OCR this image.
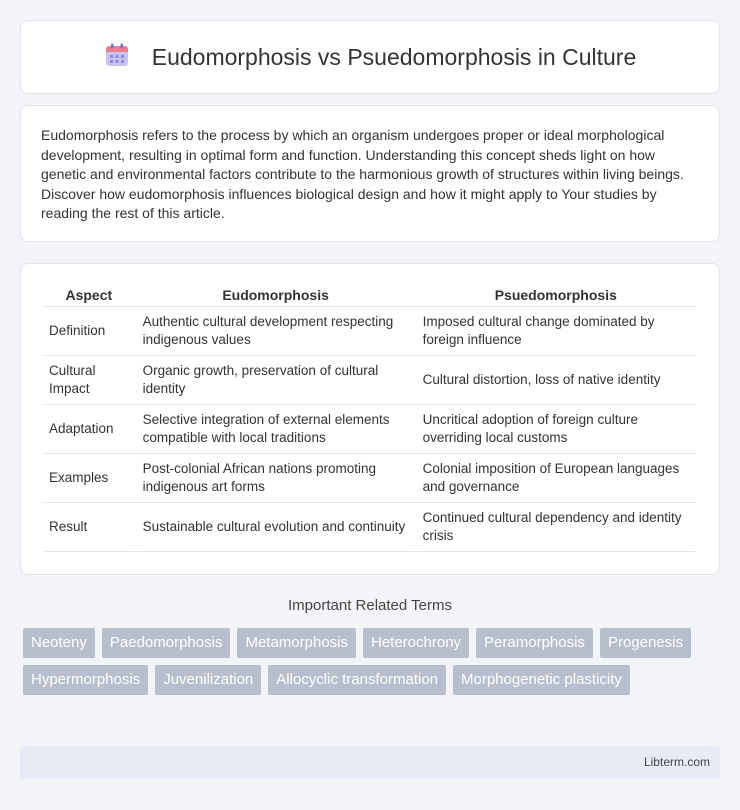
Eudomorphosis vs Psuedomorphosis in Culture

Eudomorphosis refers to the process by which an organism undergoes proper or ideal morphological development, resulting in optimal form and function. Understanding this concept sheds light on how genetic and environmental factors contribute to the harmonious growth of structures within living beings. Discover how eudomorphosis influences biological design and how it might apply to Your studies by reading the rest of this article.

Aspect	Eudomorphosis	Psuedomorphosis
Definition	Authentic cultural development respecting indigenous values	Imposed cultural change dominated by foreign influence
Cultural Impact	Organic growth, preservation of cultural identity	Cultural distortion, loss of native identity
Adaptation	Selective integration of external elements compatible with local traditions	Uncritical adoption of foreign culture overriding local customs
Examples	Post-colonial African nations promoting indigenous art forms	Colonial imposition of European languages and governance
Result	Sustainable cultural evolution and continuity	Continued cultural dependency and identity crisis
Important Related Terms
Neoteny	Paedomorphosis	Metamorphosis	Heterochrony	Peramorphosis	Progenesis
Hypermorphosis	Juvenilization	Allocyclic transformation	Morphogenetic plasticity
Libterm.com
